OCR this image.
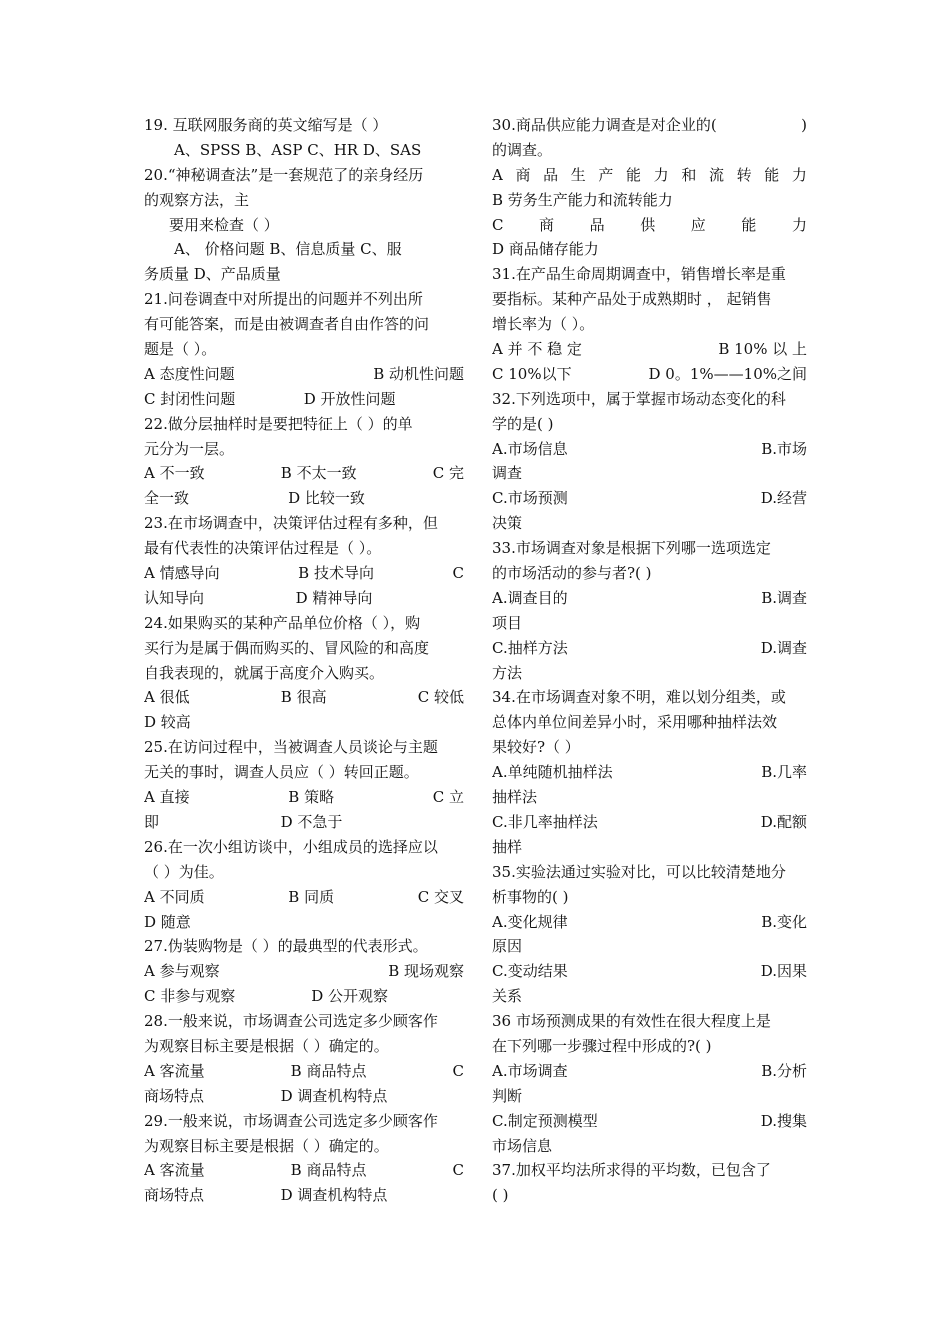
19. 互联网服务商的英文缩写是（ ）
A、SPSS B、ASP C、HR D、SAS
20.“神秘调查法”是一套规范了的亲身经历
的观察方法，主
要用来检查（ ）
A、 价格问题 B、信息质量 C、服
务质量 D、产品质量
21.问卷调查中对所提出的问题并不列出所
有可能答案，而是由被调查者自由作答的问
题是（ ）。
A 态度性问题	B 动机性问题
C 封闭性问题	D 开放性问题
22.做分层抽样时是要把特征上（ ）的单
元分为一层。
A 不一致	B 不太一致	C 完
全一致	D 比较一致
23.在市场调查中，决策评估过程有多种，但
最有代表性的决策评估过程是（ ）。
A 情感导向	B 技术导向	C
认知导向	D 精神导向
24.如果购买的某种产品单位价格（ ），购
买行为是属于偶而购买的、冒风险的和高度
自我表现的，就属于高度介入购买。
A 很低	B 很高	C 较低
D 较高
25.在访问过程中，当被调查人员谈论与主题
无关的事时，调查人员应（ ）转回正题。
A 直接	B 策略	C 立
即	D 不急于
26.在一次小组访谈中，小组成员的选择应以
（ ）为佳。
A 不同质	B 同质	C 交叉
D 随意
27.伪装购物是（ ）的最典型的代表形式。
A 参与观察	B 现场观察
C 非参与观察	D 公开观察
28.一般来说，市场调查公司选定多少顾客作
为观察目标主要是根据（ ）确定的。
A 客流量	B 商品特点	C
商场特点	D 调查机构特点
29.一般来说，市场调查公司选定多少顾客作
为观察目标主要是根据（ ）确定的。
A 客流量	B 商品特点	C
商场特点	D 调查机构特点
30.商品供应能力调查是对企业的(	)
的调查。
A 商 品 生 产 能 力 和 流 转 能 力
B 劳务生产能力和流转能力
C 商 品 供 应 能 力
D 商品储存能力
31.在产品生命周期调查中，销售增长率是重
要指标。某种产品处于成熟期时 ， 起销售
增长率为（ ）。
A 并 不 稳 定	B 10% 以 上
C 10%以下	D 0。1%——10%之间
32.下列选项中，属于掌握市场动态变化的科
学的是( )
A.市场信息	B.市场
调查
C.市场预测	D.经营
决策
33.市场调查对象是根据下列哪一选项选定
的市场活动的参与者?( )
A.调查目的	B.调查
项目
C.抽样方法	D.调查
方法
34.在市场调查对象不明，难以划分组类，或
总体内单位间差异小时，采用哪种抽样法效
果较好?（ ）
A.单纯随机抽样法	B.几率
抽样法
C.非几率抽样法	D.配额
抽样
35.实验法通过实验对比，可以比较清楚地分
析事物的( )
A.变化规律	B.变化
原因
C.变动结果	D.因果
关系
36 市场预测成果的有效性在很大程度上是
在下列哪一步骤过程中形成的?( )
A.市场调查	B.分析
判断
C.制定预测模型	D.搜集
市场信息
37.加权平均法所求得的平均数，已包含了
( )
